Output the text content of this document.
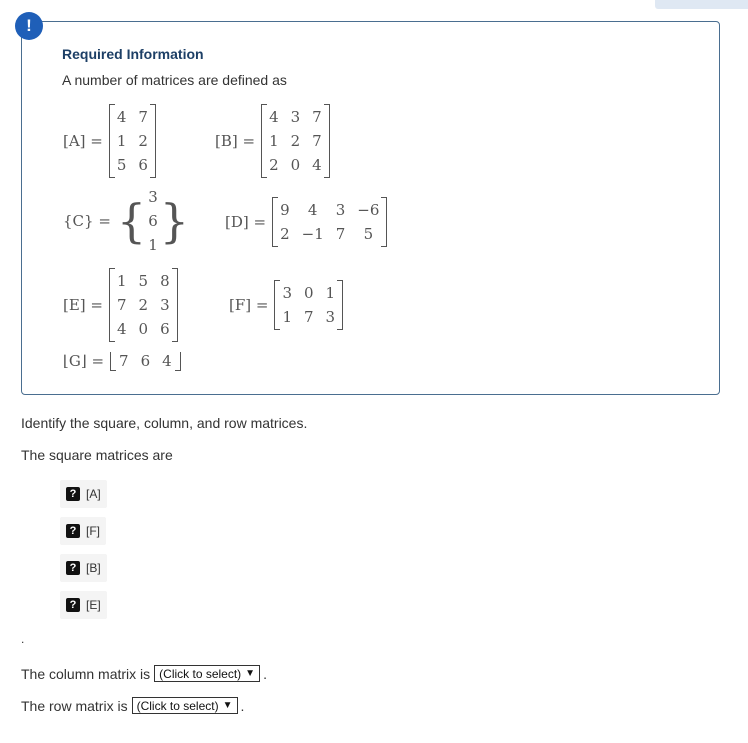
!
Required Information
A number of matrices are defined as
[A] =
4 7
1 2
5 6
[B] =
4 3 7
1 2 7
2 0 4
{C} = { 3
6
1 } [D] =
9	4	3 −6
2 −1 7	5
[E] =
1 5 8
7 2 3
4 0 6
[F] =
3 0 1
1 7 3
⌊G⌋ = 7 6 4
Identify the square, column, and row matrices.
The square matrices are
? [A]
? [F]
? [B]
? [E]
.
The column matrix is (Click to select) ▼ .
The row matrix is (Click to select) ▼ .
